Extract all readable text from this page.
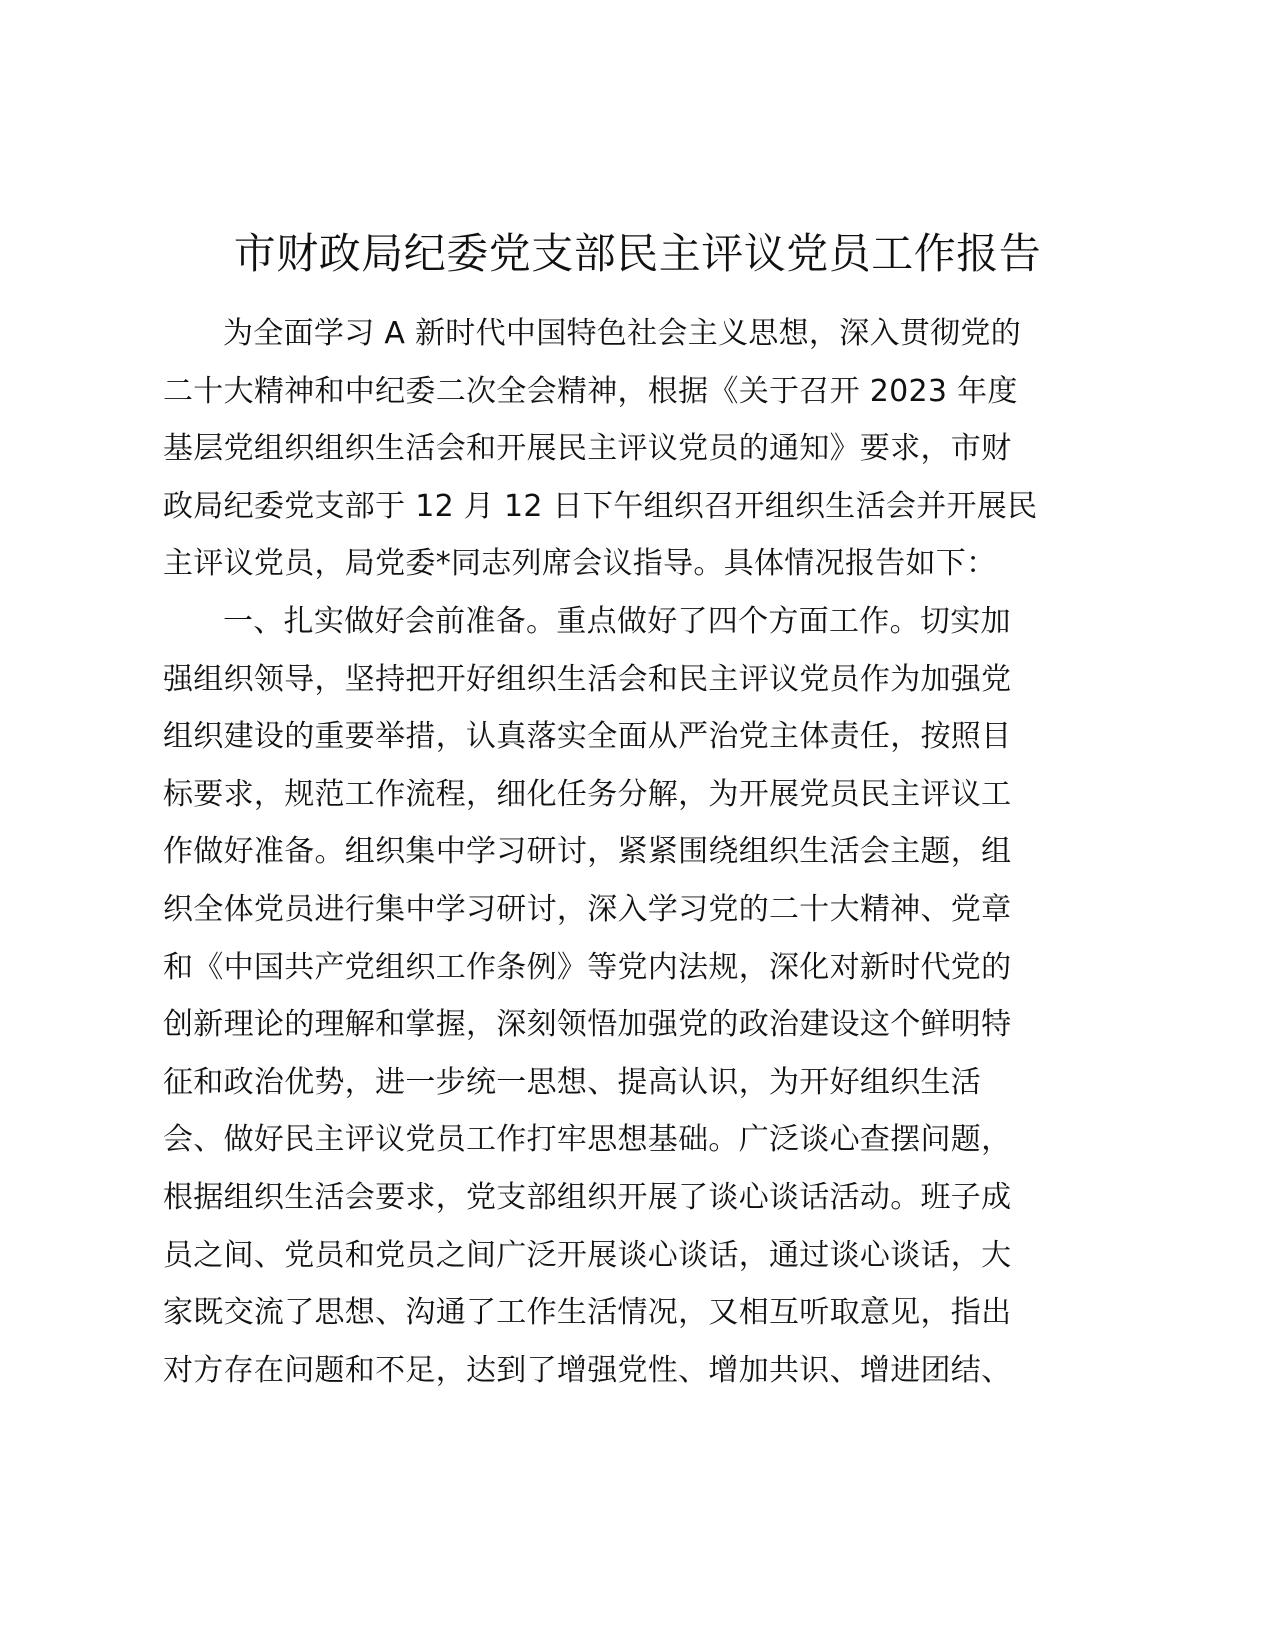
市财政局纪委党支部民主评议党员工作报告
为全面学习 A 新时代中国特色社会主义思想，深入贯彻党的
二十大精神和中纪委二次全会精神，根据《关于召开 2023 年度
基层党组织组织生活会和开展民主评议党员的通知》要求，市财
政局纪委党支部于 12 月 12 日下午组织召开组织生活会并开展民
主评议党员，局党委*同志列席会议指导。具体情况报告如下：
一、扎实做好会前准备。重点做好了四个方面工作。切实加
强组织领导，坚持把开好组织生活会和民主评议党员作为加强党
组织建设的重要举措，认真落实全面从严治党主体责任，按照目
标要求，规范工作流程，细化任务分解，为开展党员民主评议工
作做好准备。组织集中学习研讨，紧紧围绕组织生活会主题，组
织全体党员进行集中学习研讨，深入学习党的二十大精神、党章
和《中国共产党组织工作条例》等党内法规，深化对新时代党的
创新理论的理解和掌握，深刻领悟加强党的政治建设这个鲜明特
征和政治优势，进一步统一思想、提高认识，为开好组织生活
会、做好民主评议党员工作打牢思想基础。广泛谈心查摆问题，
根据组织生活会要求，党支部组织开展了谈心谈话活动。班子成
员之间、党员和党员之间广泛开展谈心谈话，通过谈心谈话，大
家既交流了思想、沟通了工作生活情况，又相互听取意见，指出
对方存在问题和不足，达到了增强党性、增加共识、增进团结、
